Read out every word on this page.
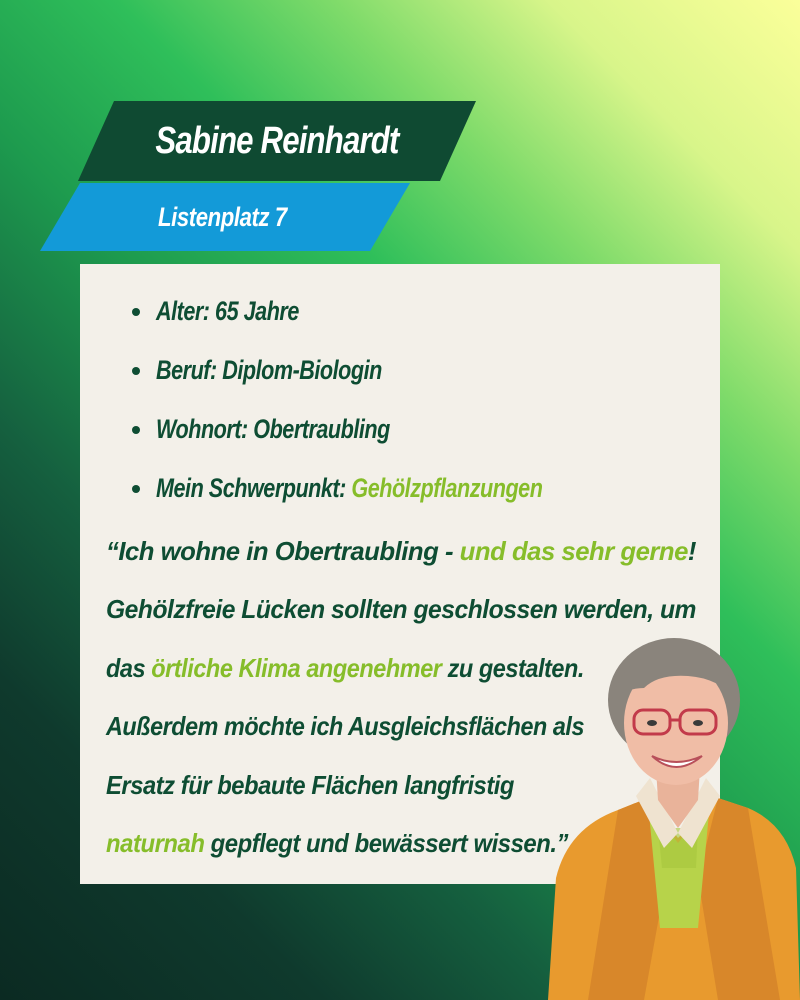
Sabine Reinhardt
Listenplatz 7
Alter: 65 Jahre
Beruf: Diplom-Biologin
Wohnort: Obertraubling
Mein Schwerpunkt: Gehölzpflanzungen
“Ich wohne in Obertraubling - und das sehr gerne!
Gehölzfreie Lücken sollten geschlossen werden, um
das örtliche Klima angenehmer zu gestalten.
Außerdem möchte ich Ausgleichsflächen als
Ersatz für bebaute Flächen langfristig
naturnah gepflegt und bewässert wissen.”
